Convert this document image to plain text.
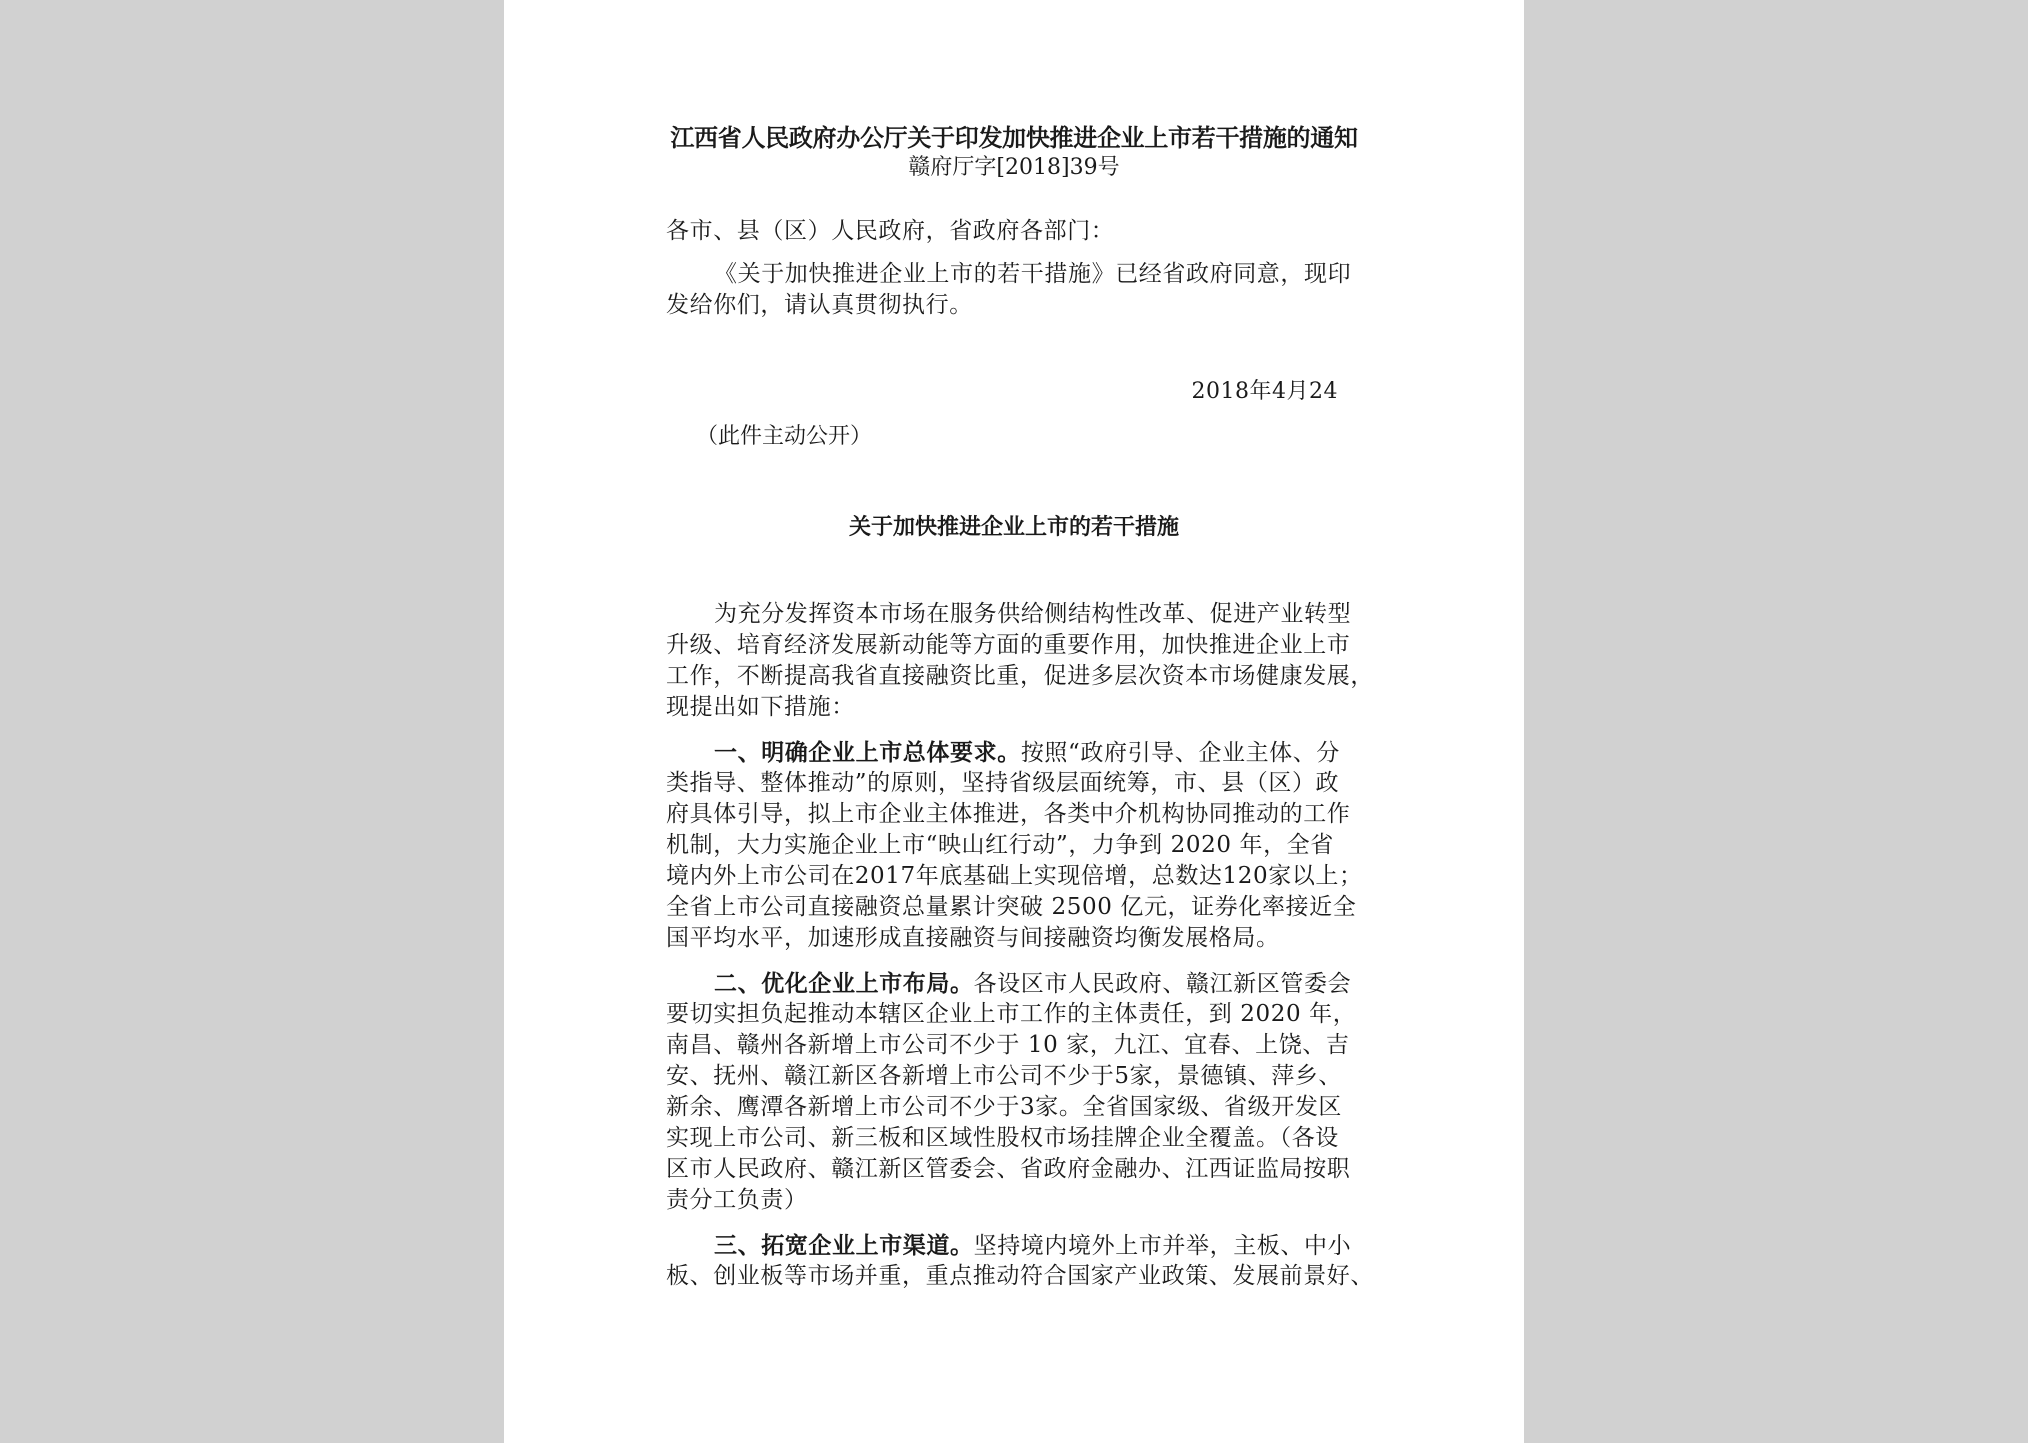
江西省人民政府办公厅关于印发加快推进企业上市若干措施的通知

赣府厅字[2018]39号

各市、县（区）人民政府，省政府各部门：

《关于加快推进企业上市的若干措施》已经省政府同意，现印

发给你们，请认真贯彻执行。

2018年4月24

（此件主动公开）

关于加快推进企业上市的若干措施

为充分发挥资本市场在服务供给侧结构性改革、促进产业转型

升级、培育经济发展新动能等方面的重要作用，加快推进企业上市

工作，不断提高我省直接融资比重，促进多层次资本市场健康发展，

现提出如下措施：

一、明确企业上市总体要求。按照“政府引导、企业主体、分

类指导、整体推动”的原则，坚持省级层面统筹，市、县（区）政

府具体引导，拟上市企业主体推进，各类中介机构协同推动的工作

机制，大力实施企业上市“映山红行动”，力争到 2020 年，全省

境内外上市公司在2017年底基础上实现倍增，总数达120家以上；

全省上市公司直接融资总量累计突破 2500 亿元，证券化率接近全

国平均水平，加速形成直接融资与间接融资均衡发展格局。

二、优化企业上市布局。各设区市人民政府、赣江新区管委会

要切实担负起推动本辖区企业上市工作的主体责任，到 2020 年，

南昌、赣州各新增上市公司不少于 10 家，九江、宜春、上饶、吉

安、抚州、赣江新区各新增上市公司不少于5家，景德镇、萍乡、

新余、鹰潭各新增上市公司不少于3家。全省国家级、省级开发区

实现上市公司、新三板和区域性股权市场挂牌企业全覆盖。（各设

区市人民政府、赣江新区管委会、省政府金融办、江西证监局按职

责分工负责）

三、拓宽企业上市渠道。坚持境内境外上市并举，主板、中小

板、创业板等市场并重，重点推动符合国家产业政策、发展前景好、
